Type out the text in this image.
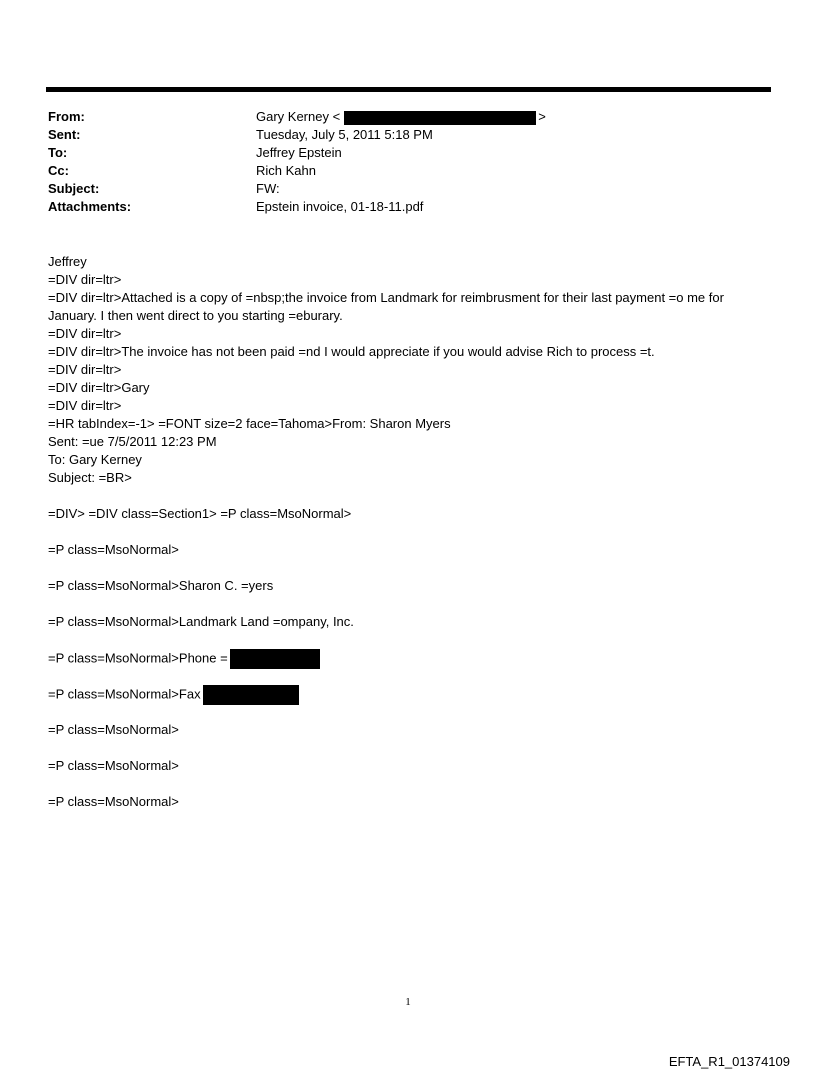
From:	Gary Kerney <	>
Sent:	Tuesday, July 5, 2011 5:18 PM
To:	Jeffrey Epstein
Cc:	Rich Kahn
Subject:	FW:
Attachments:	Epstein invoice, 01-18-11.pdf
Jeffrey
=DIV dir=ltr>
=DIV dir=ltr>Attached is a copy of =nbsp;the invoice from Landmark for reimbrusment for their last payment =o me for
January. I then went direct to you starting =eburary.
=DIV dir=ltr>
=DIV dir=ltr>The invoice has not been paid =nd I would appreciate if you would advise Rich to process =t.
=DIV dir=ltr>
=DIV dir=ltr>Gary
=DIV dir=ltr>
=HR tabIndex=-1> =FONT size=2 face=Tahoma>From: Sharon Myers
Sent: =ue 7/5/2011 12:23 PM
To: Gary Kerney
Subject: =BR>
=DIV> =DIV class=Section1> =P class=MsoNormal>
=P class=MsoNormal>
=P class=MsoNormal>Sharon C. =yers
=P class=MsoNormal>Landmark Land =ompany, Inc.
=P class=MsoNormal>Phone =
=P class=MsoNormal>Fax
=P class=MsoNormal>
=P class=MsoNormal>
=P class=MsoNormal>
1
EFTA_R1_01374109
